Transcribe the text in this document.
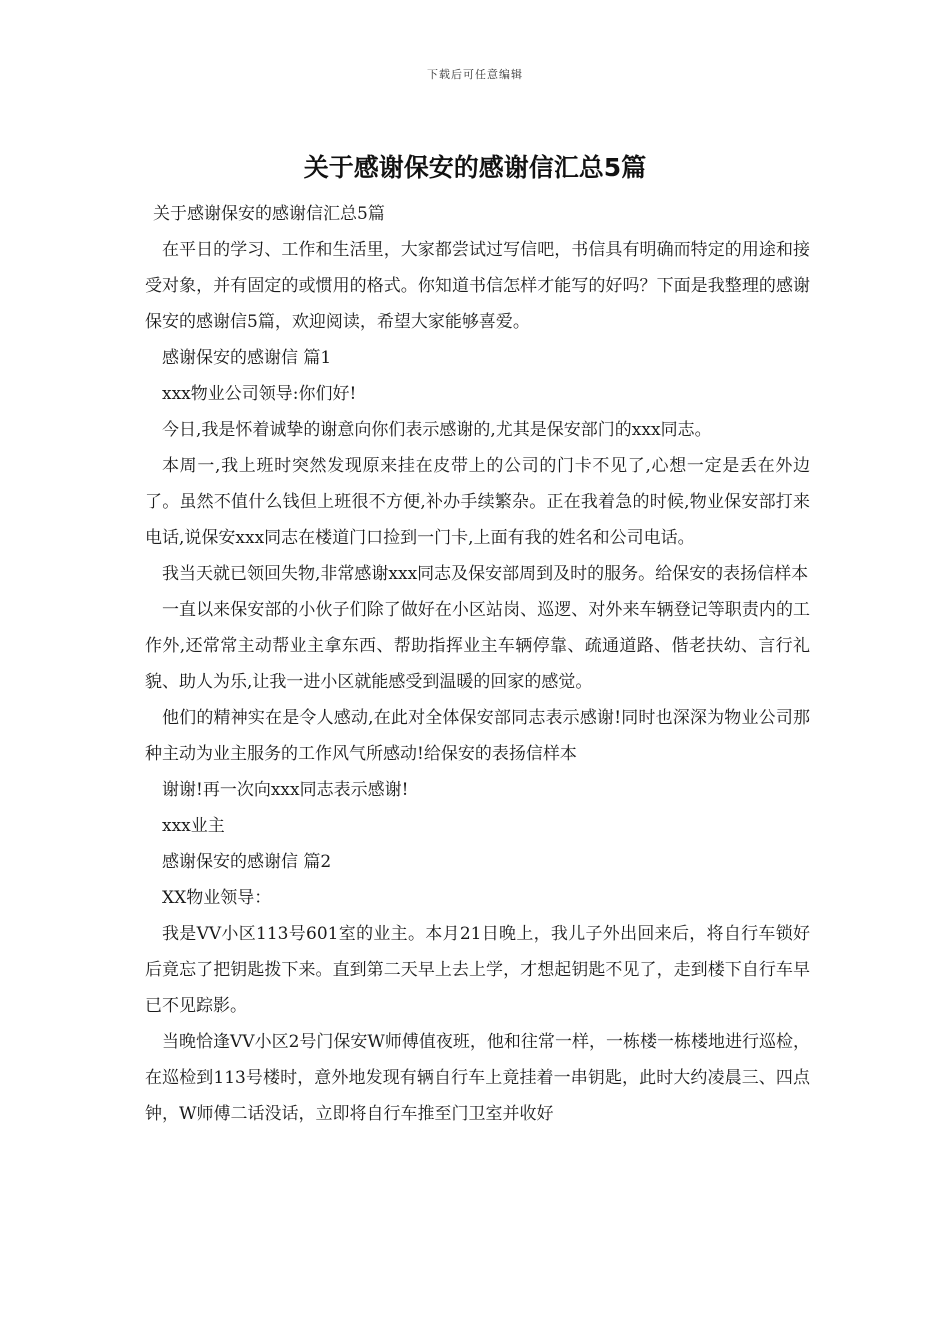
下载后可任意编辑
关于感谢保安的感谢信汇总5篇

关于感谢保安的感谢信汇总5篇

在平日的学习、工作和生活里，大家都尝试过写信吧，书信具有明确而特定的用途和接受对象，并有固定的或惯用的格式。你知道书信怎样才能写的好吗？下面是我整理的感谢保安的感谢信5篇，欢迎阅读，希望大家能够喜爱。

感谢保安的感谢信 篇1

xxx物业公司领导:你们好!

今日,我是怀着诚挚的谢意向你们表示感谢的,尤其是保安部门的xxx同志。

本周一,我上班时突然发现原来挂在皮带上的公司的门卡不见了,心想一定是丢在外边了。虽然不值什么钱但上班很不方便,补办手续繁杂。正在我着急的时候,物业保安部打来电话,说保安xxx同志在楼道门口捡到一门卡,上面有我的姓名和公司电话。

我当天就已领回失物,非常感谢xxx同志及保安部周到及时的服务。给保安的表扬信样本

一直以来保安部的小伙子们除了做好在小区站岗、巡逻、对外来车辆登记等职责内的工作外,还常常主动帮业主拿东西、帮助指挥业主车辆停靠、疏通道路、偕老扶幼、言行礼貌、助人为乐,让我一进小区就能感受到温暖的回家的感觉。

他们的精神实在是令人感动,在此对全体保安部同志表示感谢!同时也深深为物业公司那种主动为业主服务的工作风气所感动!给保安的表扬信样本

谢谢!再一次向xxx同志表示感谢!

xxx业主

感谢保安的感谢信 篇2

XX物业领导：

我是VV小区113号601室的业主。本月21日晚上，我儿子外出回来后，将自行车锁好后竟忘了把钥匙拨下来。直到第二天早上去上学，才想起钥匙不见了，走到楼下自行车早已不见踪影。

当晚恰逢VV小区2号门保安W师傅值夜班，他和往常一样，一栋楼一栋楼地进行巡检，在巡检到113号楼时，意外地发现有辆自行车上竟挂着一串钥匙，此时大约凌晨三、四点钟，W师傅二话没话，立即将自行车推至门卫室并收好
